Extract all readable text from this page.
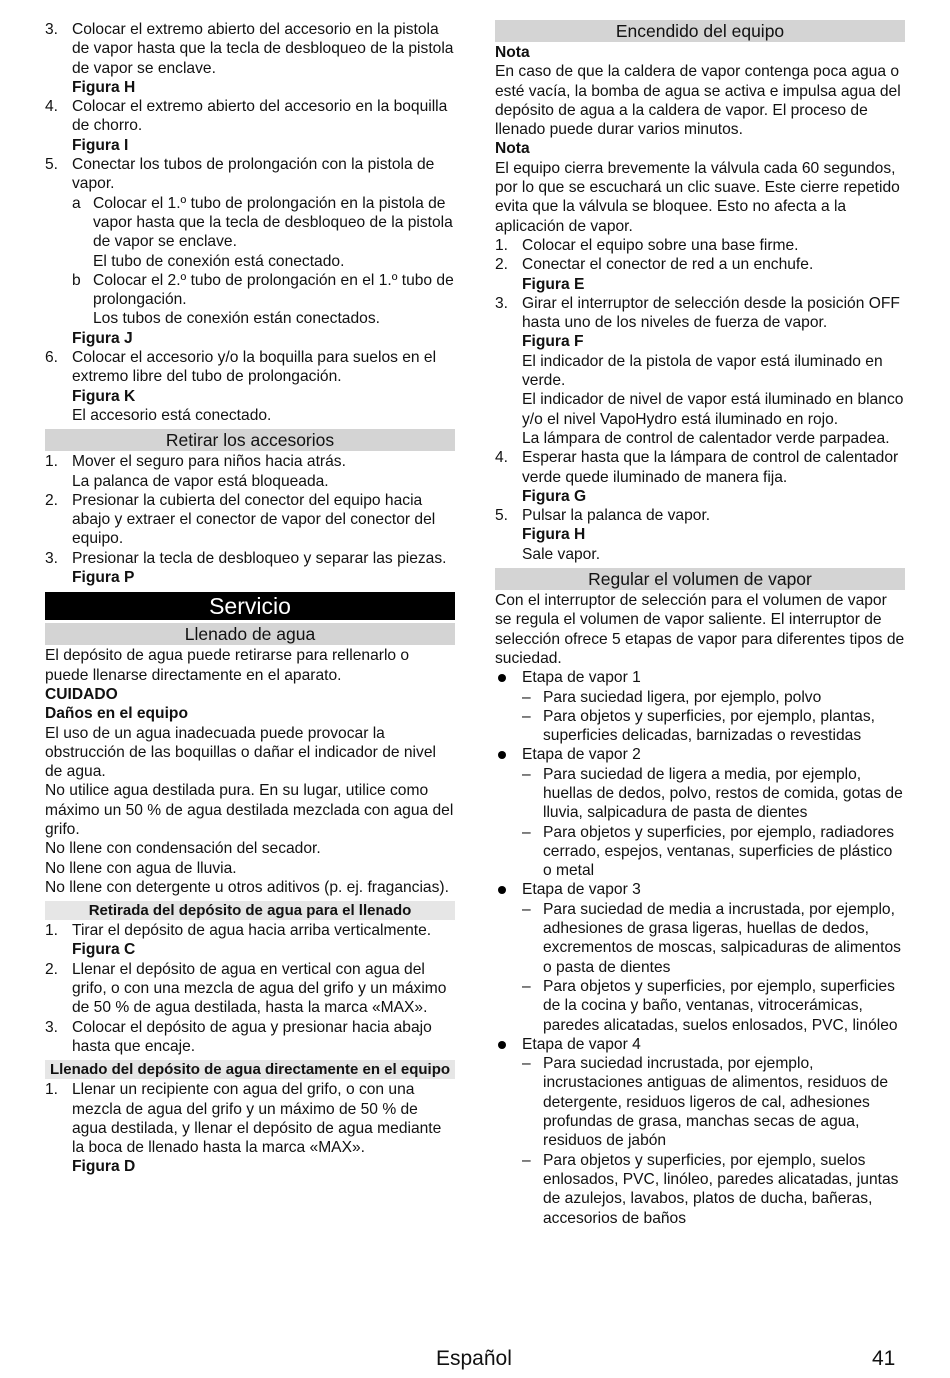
3. Colocar el extremo abierto del accesorio en la pistola de vapor hasta que la tecla de desbloqueo de la pistola de vapor se enclave.
Figura H
4. Colocar el extremo abierto del accesorio en la boquilla de chorro.
Figura I
5. Conectar los tubos de prolongación con la pistola de vapor.
a Colocar el 1.º tubo de prolongación en la pistola de vapor hasta que la tecla de desbloqueo de la pistola de vapor se enclave.
El tubo de conexión está conectado.
b Colocar el 2.º tubo de prolongación en el 1.º tubo de prolongación.
Los tubos de conexión están conectados.
Figura J
6. Colocar el accesorio y/o la boquilla para suelos en el extremo libre del tubo de prolongación.
Figura K
El accesorio está conectado.
Retirar los accesorios
1. Mover el seguro para niños hacia atrás.
La palanca de vapor está bloqueada.
2. Presionar la cubierta del conector del equipo hacia abajo y extraer el conector de vapor del conector del equipo.
3. Presionar la tecla de desbloqueo y separar las piezas.
Figura P
Servicio
Llenado de agua
El depósito de agua puede retirarse para rellenarlo o puede llenarse directamente en el aparato.
CUIDADO
Daños en el equipo
El uso de un agua inadecuada puede provocar la obstrucción de las boquillas o dañar el indicador de nivel de agua.
No utilice agua destilada pura. En su lugar, utilice como máximo un 50 % de agua destilada mezclada con agua del grifo.
No llene con condensación del secador.
No llene con agua de lluvia.
No llene con detergente u otros aditivos (p. ej. fragancias).
Retirada del depósito de agua para el llenado
1. Tirar el depósito de agua hacia arriba verticalmente.
Figura C
2. Llenar el depósito de agua en vertical con agua del grifo, o con una mezcla de agua del grifo y un máximo de 50 % de agua destilada, hasta la marca «MAX».
3. Colocar el depósito de agua y presionar hacia abajo hasta que encaje.
Llenado del depósito de agua directamente en el equipo
1. Llenar un recipiente con agua del grifo, o con una mezcla de agua del grifo y un máximo de 50 % de agua destilada, y llenar el depósito de agua mediante la boca de llenado hasta la marca «MAX».
Figura D
Encendido del equipo
Nota
En caso de que la caldera de vapor contenga poca agua o esté vacía, la bomba de agua se activa e impulsa agua del depósito de agua a la caldera de vapor. El proceso de llenado puede durar varios minutos.
Nota
El equipo cierra brevemente la válvula cada 60 segundos, por lo que se escuchará un clic suave. Este cierre repetido evita que la válvula se bloquee. Esto no afecta a la aplicación de vapor.
1. Colocar el equipo sobre una base firme.
2. Conectar el conector de red a un enchufe.
Figura E
3. Girar el interruptor de selección desde la posición OFF hasta uno de los niveles de fuerza de vapor.
Figura F
El indicador de la pistola de vapor está iluminado en verde.
El indicador de nivel de vapor está iluminado en blanco y/o el nivel VapoHydro está iluminado en rojo.
La lámpara de control de calentador verde parpadea.
4. Esperar hasta que la lámpara de control de calentador verde quede iluminado de manera fija.
Figura G
5. Pulsar la palanca de vapor.
Figura H
Sale vapor.
Regular el volumen de vapor
Con el interruptor de selección para el volumen de vapor se regula el volumen de vapor saliente. El interruptor de selección ofrece 5 etapas de vapor para diferentes tipos de suciedad.
Etapa de vapor 1
– Para suciedad ligera, por ejemplo, polvo
– Para objetos y superficies, por ejemplo, plantas, superficies delicadas, barnizadas o revestidas
Etapa de vapor 2
– Para suciedad de ligera a media, por ejemplo, huellas de dedos, polvo, restos de comida, gotas de lluvia, salpicadura de pasta de dientes
– Para objetos y superficies, por ejemplo, radiadores cerrado, espejos, ventanas, superficies de plástico o metal
Etapa de vapor 3
– Para suciedad de media a incrustada, por ejemplo, adhesiones de grasa ligeras, huellas de dedos, excrementos de moscas, salpicaduras de alimentos o pasta de dientes
– Para objetos y superficies, por ejemplo, superficies de la cocina y baño, ventanas, vitrocerámicas, paredes alicatadas, suelos enlosados, PVC, linóleo
Etapa de vapor 4
– Para suciedad incrustada, por ejemplo, incrustaciones antiguas de alimentos, residuos de detergente, residuos ligeros de cal, adhesiones profundas de grasa, manchas secas de agua, residuos de jabón
– Para objetos y superficies, por ejemplo, suelos enlosados, PVC, linóleo, paredes alicatadas, juntas de azulejos, lavabos, platos de ducha, bañeras, accesorios de baños
Español	41
